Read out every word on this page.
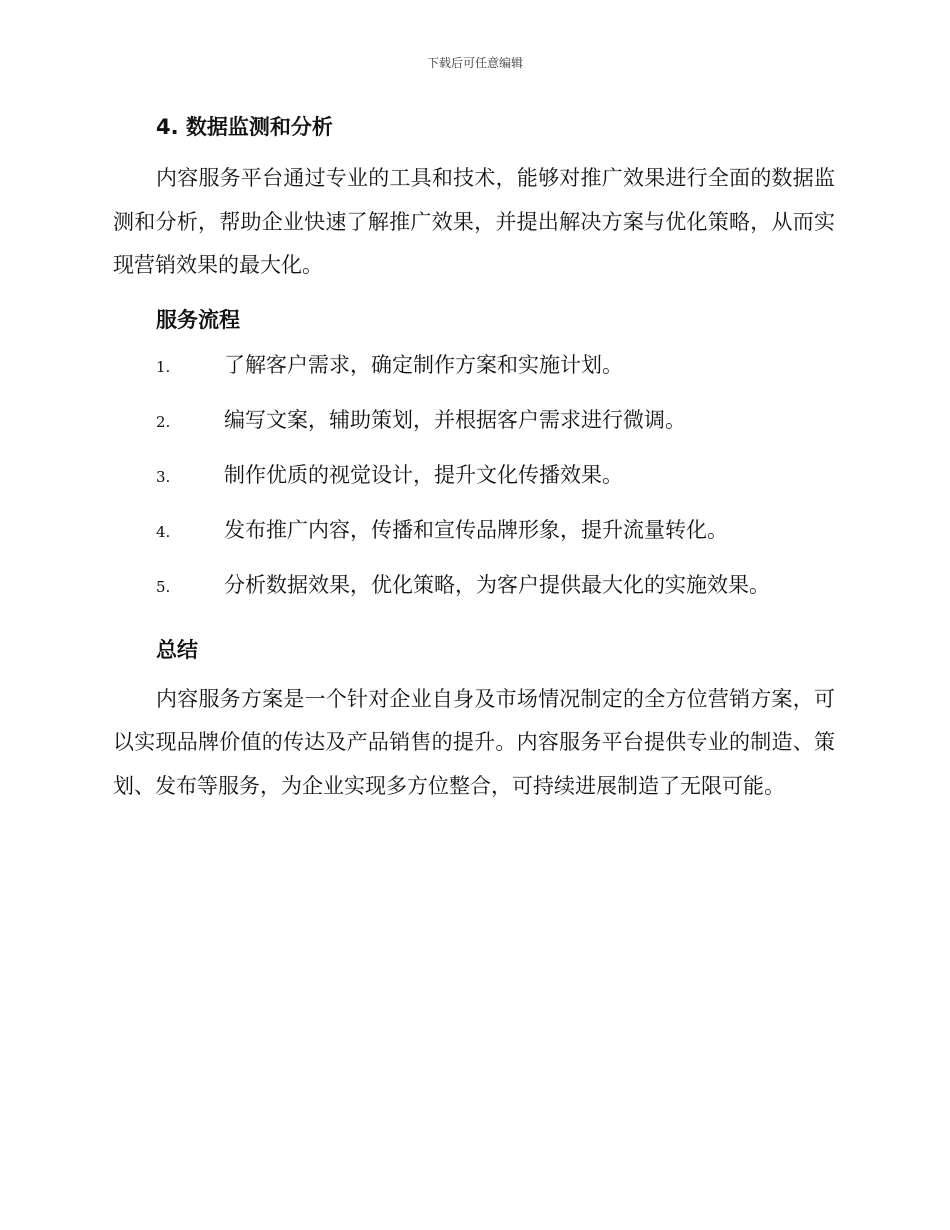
下载后可任意编辑
4. 数据监测和分析

内容服务平台通过专业的工具和技术，能够对推广效果进行全面的数据监测和分析，帮助企业快速了解推广效果，并提出解决方案与优化策略，从而实现营销效果的最大化。

服务流程
1.	了解客户需求，确定制作方案和实施计划。
2.	编写文案，辅助策划，并根据客户需求进行微调。
3.	制作优质的视觉设计，提升文化传播效果。
4.	发布推广内容，传播和宣传品牌形象，提升流量转化。
5.	分析数据效果，优化策略，为客户提供最大化的实施效果。
总结

内容服务方案是一个针对企业自身及市场情况制定的全方位营销方案，可以实现品牌价值的传达及产品销售的提升。内容服务平台提供专业的制造、策划、发布等服务，为企业实现多方位整合，可持续进展制造了无限可能。
